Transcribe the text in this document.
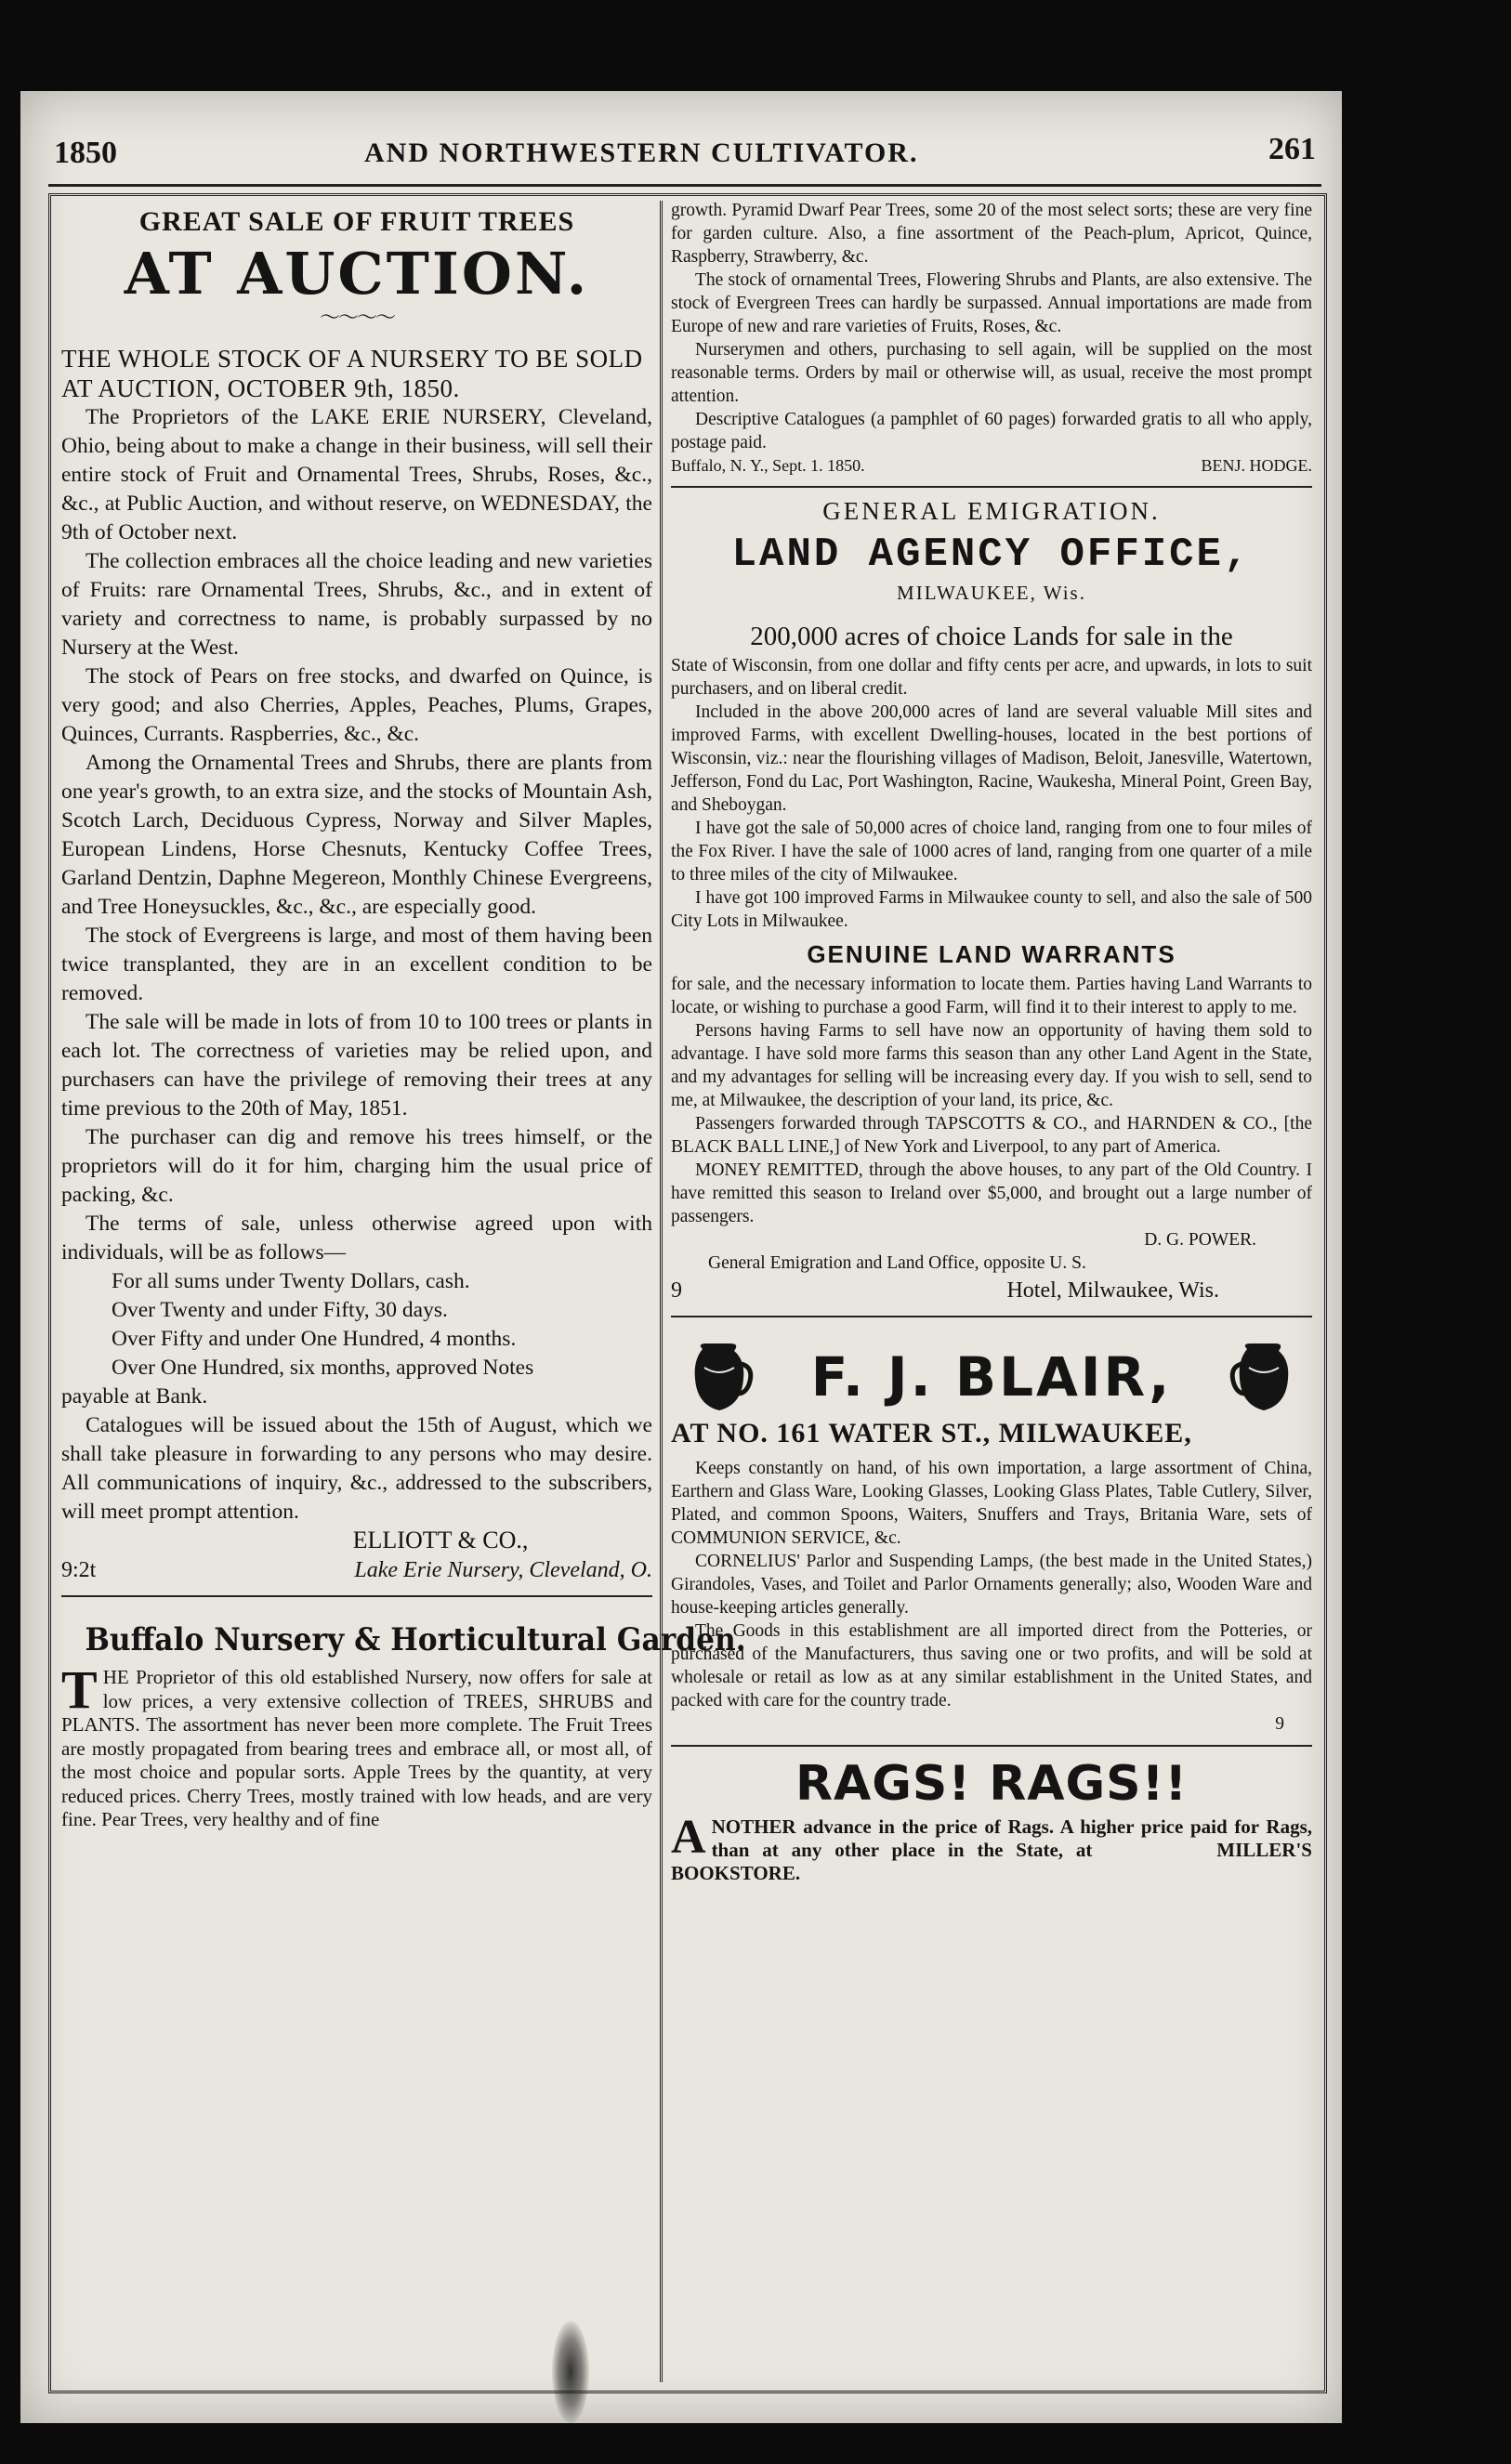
1850	AND NORTHWESTERN CULTIVATOR.	261
GREAT SALE OF FRUIT TREES
AT AUCTION.
～～～～

THE WHOLE STOCK OF A NURSERY TO BE SOLD AT AUCTION, OCTOBER 9th, 1850.

The Proprietors of the LAKE ERIE NURSERY, Cleveland, Ohio, being about to make a change in their business, will sell their entire stock of Fruit and Ornamental Trees, Shrubs, Roses, &c., &c., at Public Auction, and without reserve, on WEDNESDAY, the 9th of October next.

The collection embraces all the choice leading and new varieties of Fruits: rare Ornamental Trees, Shrubs, &c., and in extent of variety and correctness to name, is probably surpassed by no Nursery at the West.

The stock of Pears on free stocks, and dwarfed on Quince, is very good; and also Cherries, Apples, Peaches, Plums, Grapes, Quinces, Currants. Raspberries, &c., &c.

Among the Ornamental Trees and Shrubs, there are plants from one year's growth, to an extra size, and the stocks of Mountain Ash, Scotch Larch, Deciduous Cypress, Norway and Silver Maples, European Lindens, Horse Chesnuts, Kentucky Coffee Trees, Garland Dentzin, Daphne Megereon, Monthly Chinese Evergreens, and Tree Honeysuckles, &c., &c., are especially good.

The stock of Evergreens is large, and most of them having been twice transplanted, they are in an excellent condition to be removed.

The sale will be made in lots of from 10 to 100 trees or plants in each lot. The correctness of varieties may be relied upon, and purchasers can have the privilege of removing their trees at any time previous to the 20th of May, 1851.

The purchaser can dig and remove his trees himself, or the proprietors will do it for him, charging him the usual price of packing, &c.

The terms of sale, unless otherwise agreed upon with individuals, will be as follows—

For all sums under Twenty Dollars, cash.
Over Twenty and under Fifty, 30 days.
Over Fifty and under One Hundred, 4 months.
Over One Hundred, six months, approved Notes

payable at Bank.

Catalogues will be issued about the 15th of August, which we shall take pleasure in forwarding to any persons who may desire. All communications of inquiry, &c., addressed to the subscribers, will meet prompt attention.

ELLIOTT & CO.,
9:2t	Lake Erie Nursery, Cleveland, O.
Buffalo Nursery & Horticultural Garden.

THE Proprietor of this old established Nursery, now offers for sale at low prices, a very extensive collection of TREES, SHRUBS and PLANTS. The assortment has never been more complete. The Fruit Trees are mostly propagated from bearing trees and embrace all, or most all, of the most choice and popular sorts. Apple Trees by the quantity, at very reduced prices. Cherry Trees, mostly trained with low heads, and are very fine. Pear Trees, very healthy and of fine

growth. Pyramid Dwarf Pear Trees, some 20 of the most select sorts; these are very fine for garden culture. Also, a fine assortment of the Peach-plum, Apricot, Quince, Raspberry, Strawberry, &c.

The stock of ornamental Trees, Flowering Shrubs and Plants, are also extensive. The stock of Evergreen Trees can hardly be surpassed. Annual importations are made from Europe of new and rare varieties of Fruits, Roses, &c.

Nurserymen and others, purchasing to sell again, will be supplied on the most reasonable terms. Orders by mail or otherwise will, as usual, receive the most prompt attention.

Descriptive Catalogues (a pamphlet of 60 pages) forwarded gratis to all who apply, postage paid.

Buffalo, N. Y., Sept. 1. 1850.	BENJ. HODGE.
GENERAL EMIGRATION.
LAND AGENCY OFFICE,
MILWAUKEE, Wis.
200,000 acres of choice Lands for sale in the

State of Wisconsin, from one dollar and fifty cents per acre, and upwards, in lots to suit purchasers, and on liberal credit.

Included in the above 200,000 acres of land are several valuable Mill sites and improved Farms, with excellent Dwelling-houses, located in the best portions of Wisconsin, viz.: near the flourishing villages of Madison, Beloit, Janesville, Watertown, Jefferson, Fond du Lac, Port Washington, Racine, Waukesha, Mineral Point, Green Bay, and Sheboygan.

I have got the sale of 50,000 acres of choice land, ranging from one to four miles of the Fox River. I have the sale of 1000 acres of land, ranging from one quarter of a mile to three miles of the city of Milwaukee.

I have got 100 improved Farms in Milwaukee county to sell, and also the sale of 500 City Lots in Milwaukee.

GENUINE LAND WARRANTS

for sale, and the necessary information to locate them. Parties having Land Warrants to locate, or wishing to purchase a good Farm, will find it to their interest to apply to me.

Persons having Farms to sell have now an opportunity of having them sold to advantage. I have sold more farms this season than any other Land Agent in the State, and my advantages for selling will be increasing every day. If you wish to sell, send to me, at Milwaukee, the description of your land, its price, &c.

Passengers forwarded through TAPSCOTTS & CO., and HARNDEN & CO., [the BLACK BALL LINE,] of New York and Liverpool, to any part of America.

MONEY REMITTED, through the above houses, to any part of the Old Country. I have remitted this season to Ireland over $5,000, and brought out a large number of passengers.

D. G. POWER.
General Emigration and Land Office, opposite U. S.
9	Hotel, Milwaukee, Wis.
F. J. BLAIR,
AT NO. 161 WATER ST., MILWAUKEE,

Keeps constantly on hand, of his own importation, a large assortment of China, Earthern and Glass Ware, Looking Glasses, Looking Glass Plates, Table Cutlery, Silver, Plated, and common Spoons, Waiters, Snuffers and Trays, Britania Ware, sets of COMMUNION SERVICE, &c.

CORNELIUS' Parlor and Suspending Lamps, (the best made in the United States,) Girandoles, Vases, and Toilet and Parlor Ornaments generally; also, Wooden Ware and house-keeping articles generally.

The Goods in this establishment are all imported direct from the Potteries, or purchased of the Manufacturers, thus saving one or two profits, and will be sold at wholesale or retail as low as at any similar establishment in the United States, and packed with care for the country trade.

9
RAGS! RAGS!!

ANOTHER advance in the price of Rags. A higher price paid for Rags, than at any other place in the State, at	MILLER'S BOOKSTORE.
